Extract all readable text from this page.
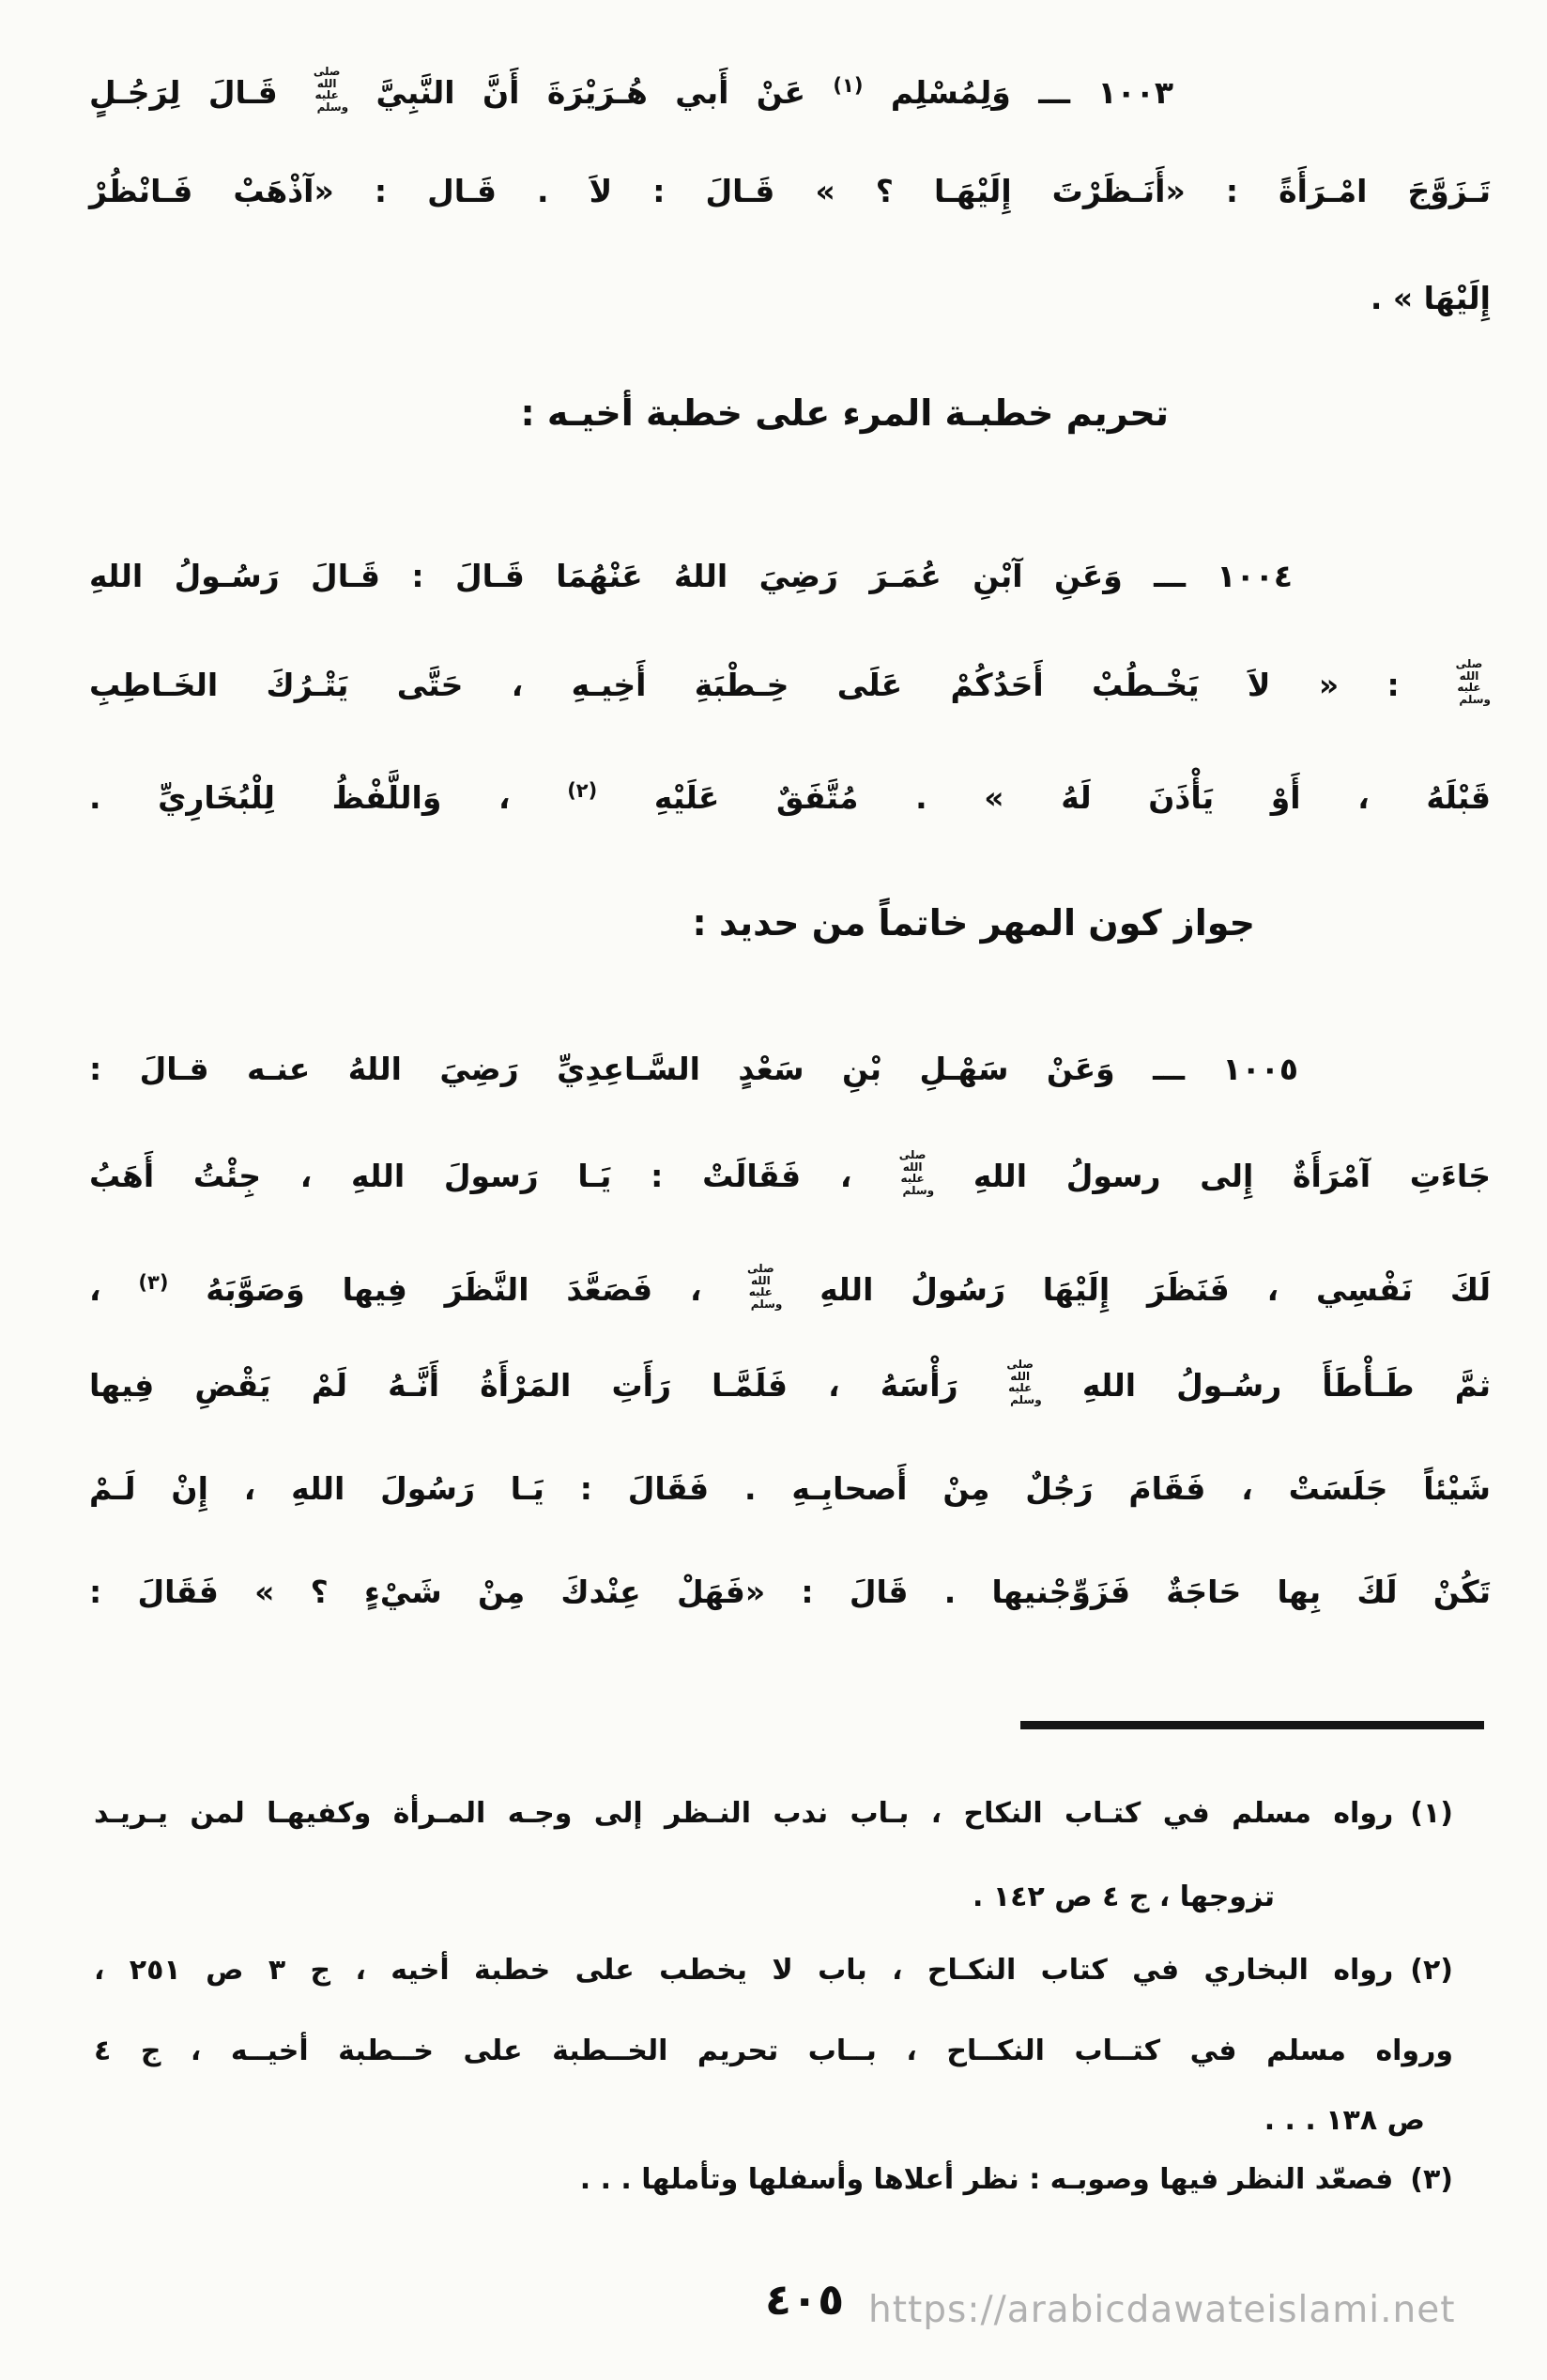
١٠٠٣ ـــ وَلِمُسْلِم $^{(١)}$ عَنْ أَبي هُـرَيْرَةَ أَنَّ النَّبِيَّ صلى الله عليه وسلم قَـالَ لِرَجُـلٍ
تَـزَوَّجَ امْـرَأَةً : «أَنَـظَرْتَ إِلَيْهَـا ؟ » قَـالَ : لاَ . قَـال : «آذْهَبْ فَـانْظُرْ
إِلَيْهَا » .
تحريم خطبـة المرء على خطبة أخيـه :
١٠٠٤ ـــ وَعَنِ آبْنِ عُمَـرَ رَضِيَ اللهُ عَنْهُمَا قَـالَ : قَـالَ رَسُـولُ اللهِ
صلى الله عليه وسلم : « لاَ يَخْـطُبْ أَحَدُكُمْ عَلَى خِـطْبَةِ أَخِيـهِ ، حَتَّى يَتْـرُكَ الخَـاطِبِ
قَبْلَهُ ، أَوْ يَأْذَنَ لَهُ » . مُتَّفَقٌ عَلَيْهِ $^{(٢)}$ ، وَاللَّفْظُ لِلْبُخَارِيِّ .
جواز كون المهر خاتماً من حديد :
١٠٠٥ ـــ وَعَنْ سَهْـلِ بْنِ سَعْدٍ السَّـاعِدِيِّ رَضِيَ اللهُ عنـه قـالَ :
جَاءَتِ آمْرَأَةٌ إِلى رسولُ اللهِ صلى الله عليه وسلم ، فَقَالَتْ : يَـا رَسولَ اللهِ ، جِئْتُ أَهَبُ
لَكَ نَفْسِي ، فَنَظَرَ إِلَيْهَا رَسُولُ اللهِ صلى الله عليه وسلم ، فَصَعَّدَ النَّظَرَ فِيها وَصَوَّبَهُ $^{(٣)}$ ،
ثمَّ طَـأْطَأَ رسُـولُ اللهِ صلى الله عليه وسلم رَأْسَهُ ، فَلَمَّـا رَأَتِ المَرْأَةُ أَنَّـهُ لَمْ يَقْضِ فِيها
شَيْئاً جَلَسَتْ ، فَقَامَ رَجُلٌ مِنْ أَصحابِـهِ . فَقَالَ : يَـا رَسُولَ اللهِ ، إِنْ لَـمْ
تَكُنْ لَكَ بِها حَاجَةٌ فَزَوِّجْنيها . قَالَ : «فَهَلْ عِنْدكَ مِنْ شَيْءٍ ؟ » فَقَالَ :
(١)رواه مسلم في كتـاب النكاح ، بـاب ندب النـظر إلى وجـه المـرأة وكفيهـا لمن يـريـد
تزوجها ، ج ٤ ص ١٤٢ .
(٢)رواه البخاري في كتاب النكـاح ، باب لا يخطب على خطبة أخيه ، ج ٣ ص ٢٥١ ،
ورواه مسلم في كتــاب النكــاح ، بــاب تحريم الخــطبة على خــطبة أخيــه ، ج ٤
ص ١٣٨ . . .
(٣)فصعّد النظر فيها وصوبـه : نظر أعلاها وأسفلها وتأملها . . .
٤٠٥ https://arabicdawateislami.net
